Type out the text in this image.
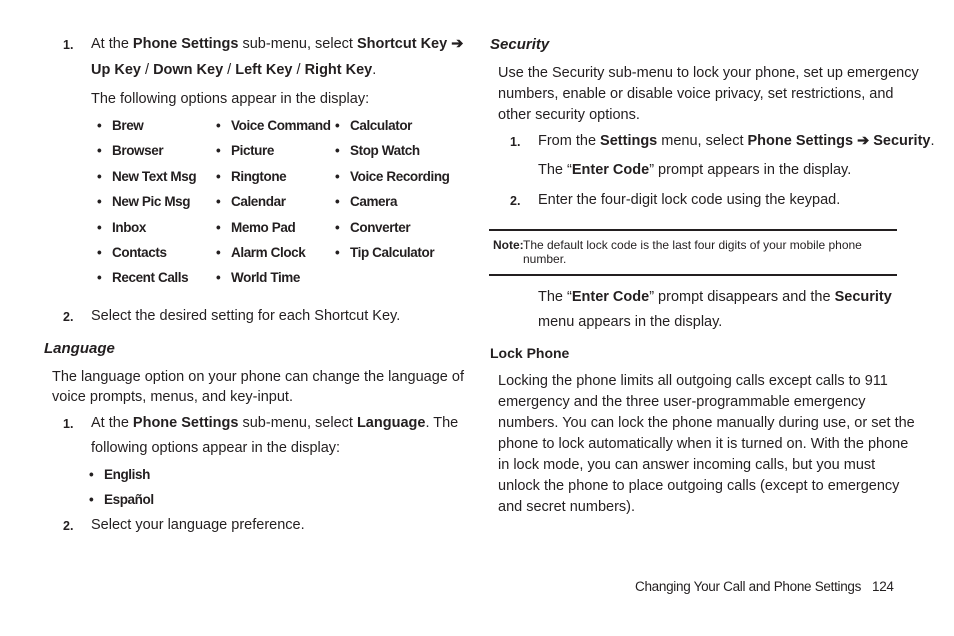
1. At the Phone Settings sub-menu, select Shortcut Key ➔
Up Key / Down Key / Left Key / Right Key.
The following options appear in the display:
• Brew
• Browser
• New Text Msg
• New Pic Msg
• Inbox
• Contacts
• Recent Calls
• Voice Command
• Picture
• Ringtone
• Calendar
• Memo Pad
• Alarm Clock
• World Time
• Calculator
• Stop Watch
• Voice Recording
• Camera
• Converter
• Tip Calculator
2. Select the desired setting for each Shortcut Key.
Language
The language option on your phone can change the language of
voice prompts, menus, and key-input.
1. At the Phone Settings sub-menu, select Language. The
following options appear in the display:
• English
• Español
2. Select your language preference.
Security
Use the Security sub-menu to lock your phone, set up emergency
numbers, enable or disable voice privacy, set restrictions, and
other security options.
1. From the Settings menu, select Phone Settings ➔ Security.
The “Enter Code” prompt appears in the display.
2. Enter the four-digit lock code using the keypad.
Note: The default lock code is the last four digits of your mobile phone
number.
The “Enter Code” prompt disappears and the Security
menu appears in the display.
Lock Phone
Locking the phone limits all outgoing calls except calls to 911
emergency and the three user-programmable emergency
numbers. You can lock the phone manually during use, or set the
phone to lock automatically when it is turned on. With the phone
in lock mode, you can answer incoming calls, but you must
unlock the phone to place outgoing calls (except to emergency
and secret numbers).
Changing Your Call and Phone Settings 124
